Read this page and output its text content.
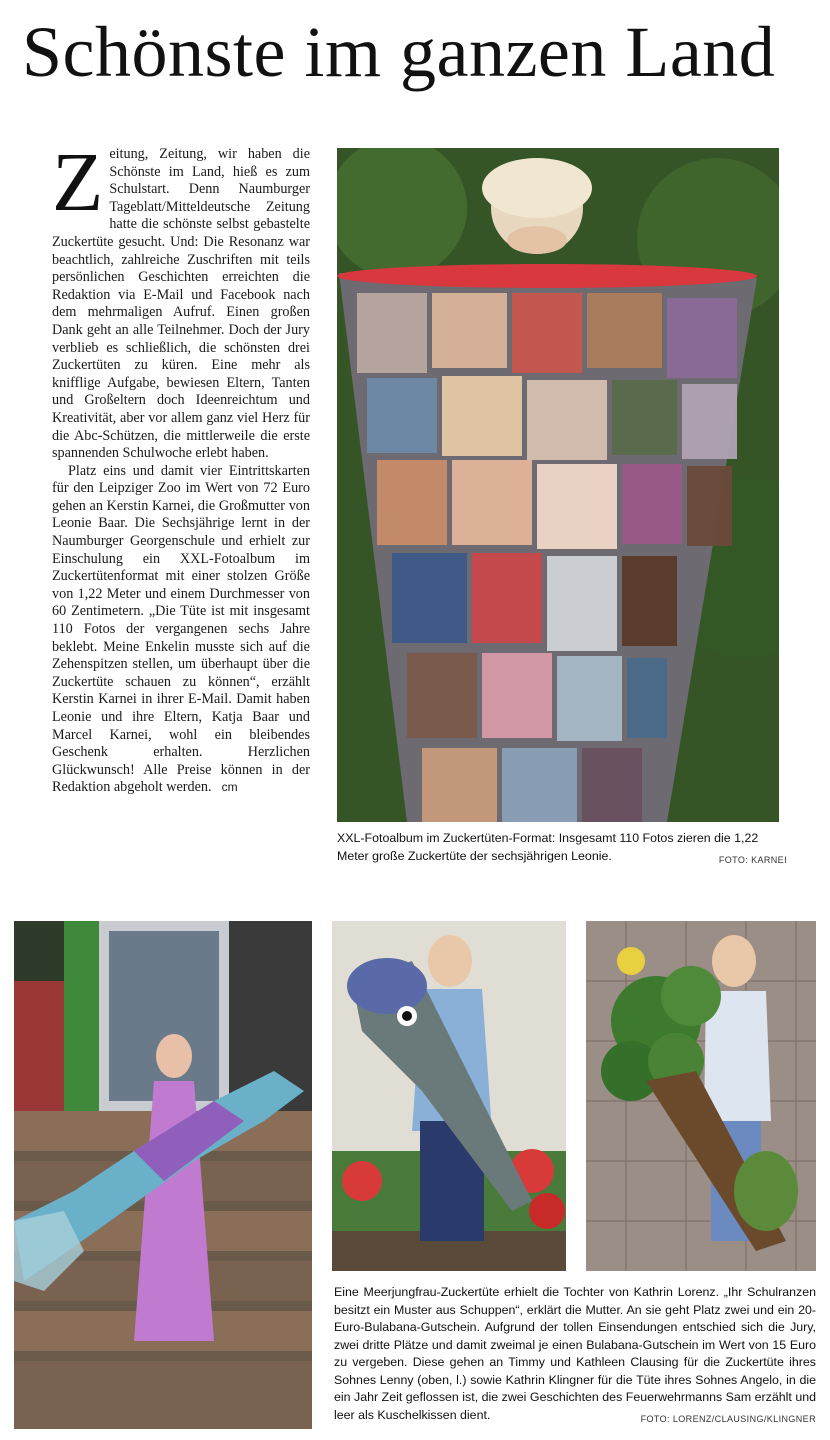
Schönste im ganzen Land

Zeitung, Zeitung, wir haben die Schönste im Land, hieß es zum Schulstart. Denn Naumburger Tageblatt/Mitteldeutsche Zeitung hatte die schönste selbst gebastelte Zuckertüte gesucht. Und: Die Resonanz war beachtlich, zahlreiche Zuschriften mit teils persönlichen Geschichten erreichten die Redaktion via E-Mail und Facebook nach dem mehrmaligen Aufruf. Einen großen Dank geht an alle Teilnehmer. Doch der Jury verblieb es schließlich, die schönsten drei Zuckertüten zu küren. Eine mehr als knifflige Aufgabe, bewiesen Eltern, Tanten und Großeltern doch Ideenreichtum und Kreativität, aber vor allem ganz viel Herz für die Abc-Schützen, die mittlerweile die erste spannenden Schulwoche erlebt haben.

Platz eins und damit vier Eintrittskarten für den Leipziger Zoo im Wert von 72 Euro gehen an Kerstin Karnei, die Großmutter von Leonie Baar. Die Sechsjährige lernt in der Naumburger Georgenschule und erhielt zur Einschulung ein XXL-Fotoalbum im Zuckertütenformat mit einer stolzen Größe von 1,22 Meter und einem Durchmesser von 60 Zentimetern. „Die Tüte ist mit insgesamt 110 Fotos der vergangenen sechs Jahre beklebt. Meine Enkelin musste sich auf die Zehenspitzen stellen, um überhaupt über die Zuckertüte schauen zu können“, erzählt Kerstin Karnei in ihrer E-Mail. Damit haben Leonie und ihre Eltern, Katja Baar und Marcel Karnei, wohl ein bleibendes Geschenk erhalten. Herzlichen Glückwunsch! Alle Preise können in der Redaktion abgeholt werden. cm

XXL-Fotoalbum im Zuckertüten-Format: Insgesamt 110 Fotos zieren die 1,22 Meter große Zuckertüte der sechsjährigen Leonie.	FOTO: KARNEI
Eine Meerjungfrau-Zuckertüte erhielt die Tochter von Kathrin Lorenz. „Ihr Schulranzen besitzt ein Muster aus Schuppen“, erklärt die Mutter. An sie geht Platz zwei und ein 20-Euro-Bulabana-Gutschein. Aufgrund der tollen Einsendungen entschied sich die Jury, zwei dritte Plätze und damit zweimal je einen Bulabana-Gutschein im Wert von 15 Euro zu vergeben. Diese gehen an Timmy und Kathleen Clausing für die Zuckertüte ihres Sohnes Lenny (oben, l.) sowie Kathrin Klingner für die Tüte ihres Sohnes Angelo, in die ein Jahr Zeit geflossen ist, die zwei Geschichten des Feuerwehrmanns Sam erzählt und leer als Kuschelkissen dient.	FOTO: LORENZ/CLAUSING/KLINGNER
